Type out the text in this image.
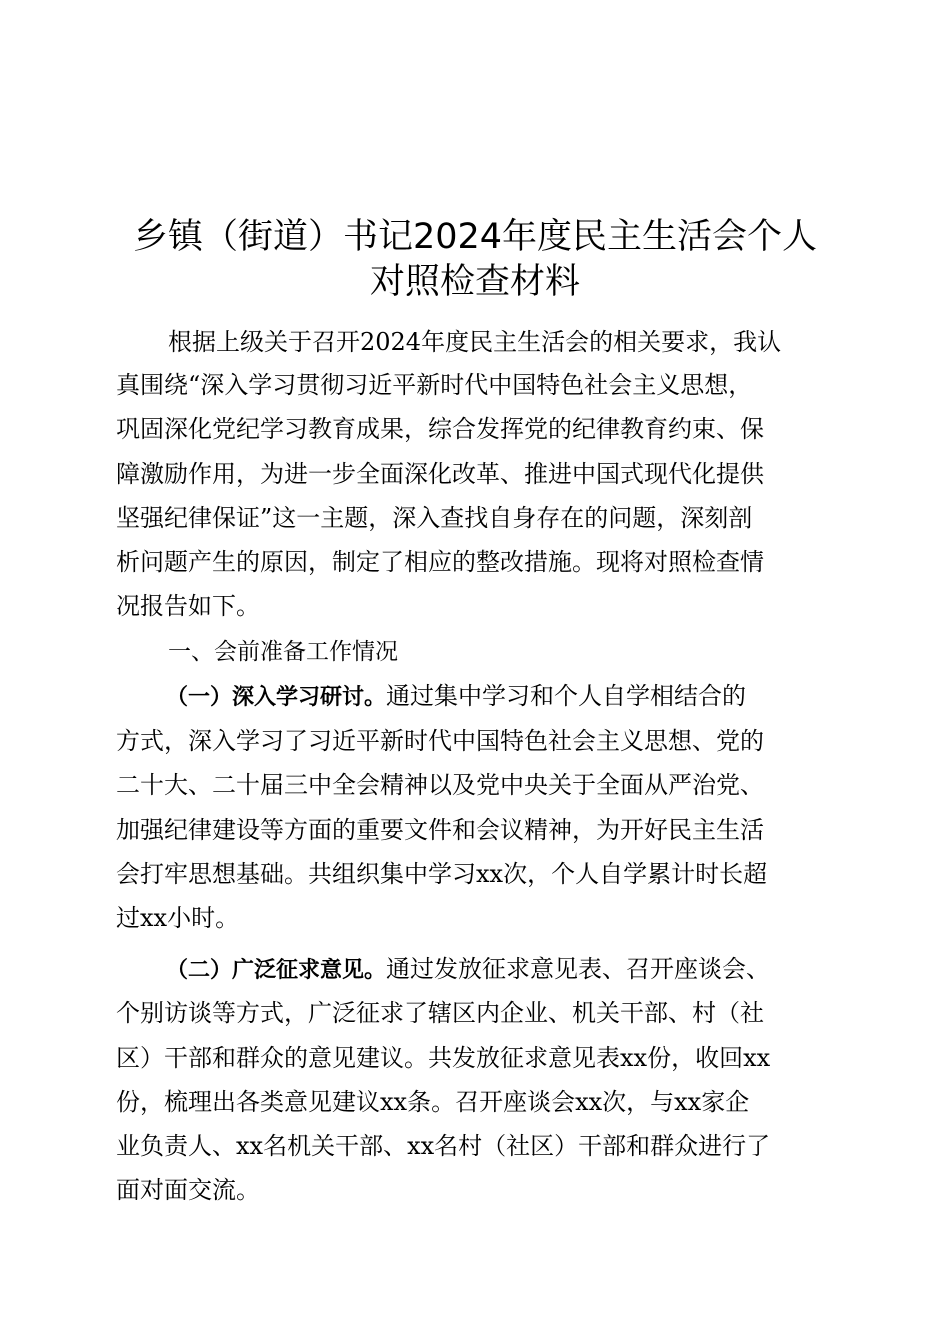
乡镇（街道）书记2024年度民主生活会个人
对照检查材料

根据上级关于召开2024年度民主生活会的相关要求，我认

真围绕“深入学习贯彻习近平新时代中国特色社会主义思想，

巩固深化党纪学习教育成果，综合发挥党的纪律教育约束、保

障激励作用，为进一步全面深化改革、推进中国式现代化提供

坚强纪律保证”这一主题，深入查找自身存在的问题，深刻剖

析问题产生的原因，制定了相应的整改措施。现将对照检查情

况报告如下。

一、会前准备工作情况

（一）深入学习研讨。通过集中学习和个人自学相结合的

方式，深入学习了习近平新时代中国特色社会主义思想、党的

二十大、二十届三中全会精神以及党中央关于全面从严治党、

加强纪律建设等方面的重要文件和会议精神，为开好民主生活

会打牢思想基础。共组织集中学习xx次，个人自学累计时长超

过xx小时。

（二）广泛征求意见。通过发放征求意见表、召开座谈会、

个别访谈等方式，广泛征求了辖区内企业、机关干部、村（社

区）干部和群众的意见建议。共发放征求意见表xx份，收回xx

份，梳理出各类意见建议xx条。召开座谈会xx次，与xx家企

业负责人、xx名机关干部、xx名村（社区）干部和群众进行了

面对面交流。
